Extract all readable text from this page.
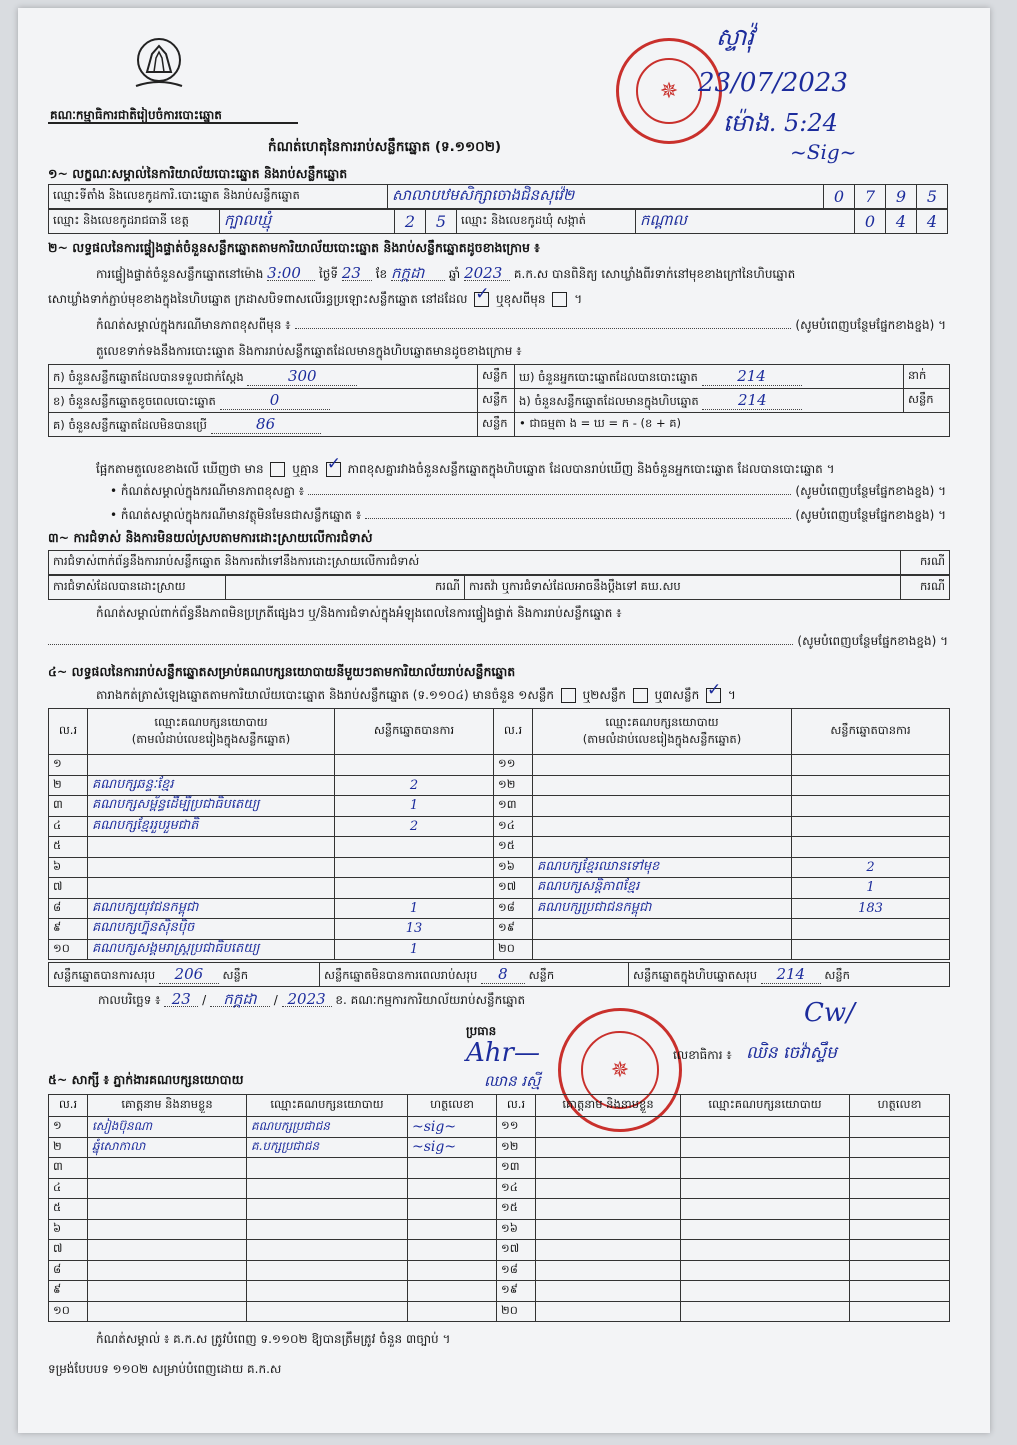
គណៈកម្មាធិការជាតិរៀបចំការបោះឆ្នោត
កំណត់ហេតុនៃការរាប់សន្លឹកឆ្នោត (ទ.១១០២)
✵
ស្ទាវ៉ុ
23/07/2023
ម៉ោង. 5:24
~Sig~
១~ លក្ខណៈសម្គាល់នៃការិយាល័យបោះឆ្នោត និងរាប់សន្លឹកឆ្នោត
ឈ្មោះទីតាំង និងលេខកូដការិ.បោះឆ្នោត និងរាប់សន្លឹកឆ្នោត	សាលាបឋមសិក្សាចោងជិនសុវ៉េ២	0	7	9	5
ឈ្មោះ និងលេខកូដរាជធានី ខេត្ត	ក្បាលឃ្មុំ	2	5	ឈ្មោះ និងលេខកូដឃុំ សង្កាត់	កណ្ដាល	0	4	4
២~ លទ្ធផលនៃការផ្ទៀងផ្ទាត់ចំនួនសន្លឹកឆ្នោតតាមការិយាល័យបោះឆ្នោត និងរាប់សន្លឹកឆ្នោតដូចខាងក្រោម ៖
ការផ្ទៀងផ្ទាត់ចំនួនសន្លឹកឆ្នោតនៅម៉ោង 3:00 ថ្ងៃទី 23 ខែ កក្កដា ឆ្នាំ 2023 គ.ក.ស បានពិនិត្យ សោឃ្លាំងពីរទាក់នៅមុខខាងក្រៅនៃហិបឆ្នោត
សោឃ្លាំងទាក់ភ្ជាប់មុខខាងក្នុងនៃហិបឆ្នោត ក្រដាសបិទពាសលើរន្ធប្រឡោះសន្លឹកឆ្នោត នៅដដែល ✓ ឬខុសពីមុន  ។
កំណត់សម្គាល់ក្នុងករណីមានភាពខុសពីមុន ៖	(សូមបំពេញបន្ថែមផ្នែកខាងខ្នង) ។
តួលេខទាក់ទងនឹងការបោះឆ្នោត និងការរាប់សន្លឹកឆ្នោតដែលមានក្នុងហិបឆ្នោតមានដូចខាងក្រោម ៖
ក) ចំនួនសន្លឹកឆ្នោតដែលបានទទួលជាក់ស្ដែង 300	សន្លឹក	ឃ) ចំនួនអ្នកបោះឆ្នោតដែលបានបោះឆ្នោត 214	នាក់
ខ) ចំនួនសន្លឹកឆ្នោតខូចពេលបោះឆ្នោត 0	សន្លឹក	ង) ចំនួនសន្លឹកឆ្នោតដែលមានក្នុងហិបឆ្នោត 214	សន្លឹក
គ) ចំនួនសន្លឹកឆ្នោតដែលមិនបានប្រើ 86	សន្លឹក	• ជាធម្មតា ង = ឃ = ក - (ខ + គ)	
ផ្អែកតាមតួលេខខាងលើ ឃើញថា មាន ឬគ្មាន ✓ ភាពខុសគ្នារវាងចំនួនសន្លឹកឆ្នោតក្នុងហិបឆ្នោត ដែលបានរាប់ឃើញ និងចំនួនអ្នកបោះឆ្នោត ដែលបានបោះឆ្នោត ។
• កំណត់សម្គាល់ក្នុងករណីមានភាពខុសគ្នា ៖	(សូមបំពេញបន្ថែមផ្នែកខាងខ្នង) ។
• កំណត់សម្គាល់ក្នុងករណីមានវត្ថុមិនមែនជាសន្លឹកឆ្នោត ៖	(សូមបំពេញបន្ថែមផ្នែកខាងខ្នង) ។
៣~ ការជំទាស់ និងការមិនយល់ស្របតាមការដោះស្រាយលើការជំទាស់
ការជំទាស់ពាក់ព័ន្ធនឹងការរាប់សន្លឹកឆ្នោត និងការតវ៉ាទៅនឹងការដោះស្រាយលើការជំទាស់	ករណី
ការជំទាស់ដែលបានដោះស្រាយ	ករណី	ការតវ៉ា ឬការជំទាស់ដែលអាចនឹងប្ដឹងទៅ គឃ.សប	ករណី
កំណត់សម្គាល់ពាក់ព័ន្ធនឹងភាពមិនប្រក្រតីផ្សេងៗ ឬ/និងការជំទាស់ក្នុងអំឡុងពេលនៃការផ្ទៀងផ្ទាត់ និងការរាប់សន្លឹកឆ្នោត ៖
(សូមបំពេញបន្ថែមផ្នែកខាងខ្នង) ។
៤~ លទ្ធផលនៃការរាប់សន្លឹកឆ្នោតសម្រាប់គណបក្សនយោបាយនីមួយៗតាមការិយាល័យរាប់សន្លឹកឆ្នោត
តារាងកត់ត្រាសំឡេងឆ្នោតតាមការិយាល័យបោះឆ្នោត និងរាប់សន្លឹកឆ្នោត (ទ.១១០៤) មានចំនួន ១សន្លឹក ឬ២សន្លឹក ឬ៣សន្លឹក ✓ ។
ល.រ	ឈ្មោះគណបក្សនយោបាយ
(តាមលំដាប់លេខរៀងក្នុងសន្លឹកឆ្នោត)	សន្លឹកឆ្នោតបានការ	ល.រ	ឈ្មោះគណបក្សនយោបាយ
(តាមលំដាប់លេខរៀងក្នុងសន្លឹកឆ្នោត)	សន្លឹកឆ្នោតបានការ
១			១១		
២	គណបក្សឆន្ទៈខ្មែរ	2	១២		
៣	គណបក្សសម្ព័ន្ធដើម្បីប្រជាធិបតេយ្យ	1	១៣		
៤	គណបក្សខ្មែររួបរួមជាតិ	2	១៤		
៥			១៥		
៦			១៦	គណបក្សខ្មែរឈានទៅមុខ	2
៧			១៧	គណបក្សសន្តិភាពខ្មែរ	1
៨	គណបក្សយុវជនកម្ពុជា	1	១៨	គណបក្សប្រជាជនកម្ពុជា	183
៩	គណបក្សហ្វ៊ុនស៊ិនប៉ិច	13	១៩		
១០	គណបក្សសង្គមរាស្ត្រប្រជាធិបតេយ្យ	1	២០		
សន្លឹកឆ្នោតបានការសរុប 206 សន្លឹក	សន្លឹកឆ្នោតមិនបានការពេលរាប់សរុប 8 សន្លឹក	សន្លឹកឆ្នោតក្នុងហិបឆ្នោតសរុប 214 សន្លឹក
កាលបរិច្ឆេទ ៖ 23 / កក្កដា / 2023 ខ. គណៈកម្មការការិយាល័យរាប់សន្លឹកឆ្នោត
✵
ប្រធាន
Ahr—
ឈាន រស្មី
លេខាធិការ ៖ ឈិន ចេវ៉ាស្ទឹម
Cw/
៥~ សាក្សី ៖ ភ្នាក់ងារគណបក្សនយោបាយ
ល.រ	គោត្តនាម និងនាមខ្លួន	ឈ្មោះគណបក្សនយោបាយ	ហត្ថលេខា	ល.រ	គោត្តនាម និងនាមខ្លួន	ឈ្មោះគណបក្សនយោបាយ	ហត្ថលេខា
១	សៀងប៊ុនណា	គណបក្សប្រជាជន	~sig~	១១			
២	ឆ្នុំសោកាលា	គ.បក្សប្រជាជន	~sig~	១២			
៣				១៣			
៤				១៤			
៥				១៥			
៦				១៦			
៧				១៧			
៨				១៨			
៩				១៩			
១០				២០			
កំណត់សម្គាល់ ៖ គ.ក.ស ត្រូវបំពេញ ទ.១១០២ ឱ្យបានត្រឹមត្រូវ ចំនួន ៣ច្បាប់ ។
ទម្រង់បែបបទ ១១០២ សម្រាប់បំពេញដោយ គ.ក.ស
